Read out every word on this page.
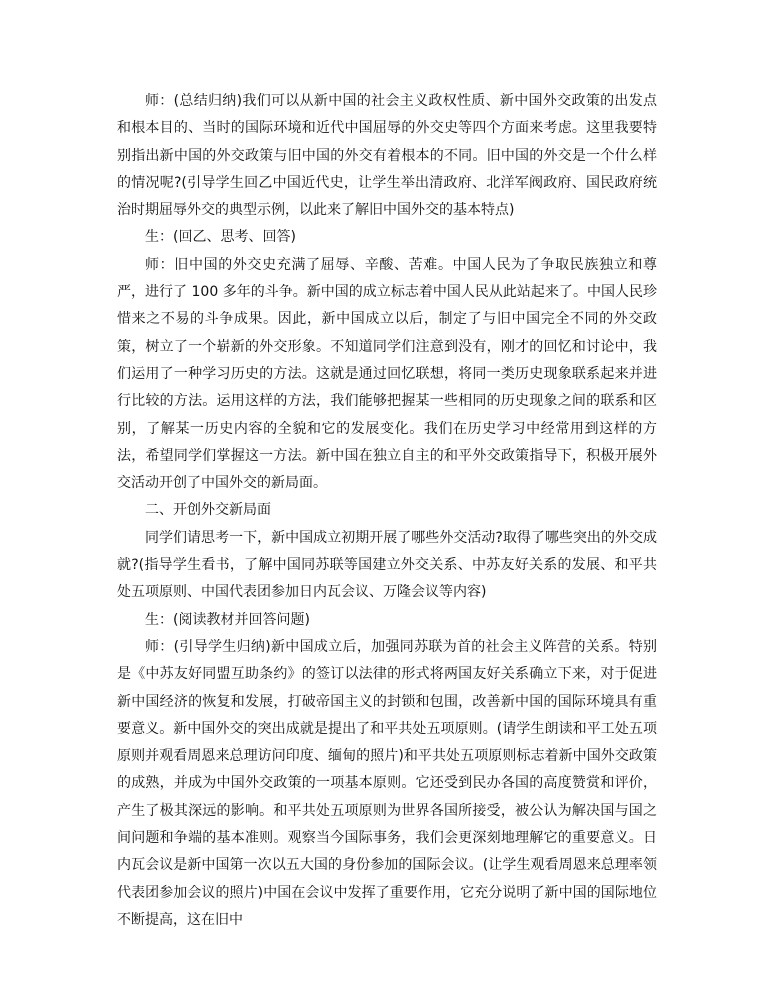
师：(总结归纳)我们可以从新中国的社会主义政权性质、新中国外交政策的出发点和根本目的、当时的国际环境和近代中国屈辱的外交史等四个方面来考虑。这里我要特别指出新中国的外交政策与旧中国的外交有着根本的不同。旧中国的外交是一个什么样的情况呢?(引导学生回乙中国近代史，让学生举出清政府、北洋军阀政府、国民政府统治时期屈辱外交的典型示例，以此来了解旧中国外交的基本特点)

生：(回乙、思考、回答)

师：旧中国的外交史充满了屈辱、辛酸、苦难。中国人民为了争取民族独立和尊严，进行了 100 多年的斗争。新中国的成立标志着中国人民从此站起来了。中国人民珍惜来之不易的斗争成果。因此，新中国成立以后，制定了与旧中国完全不同的外交政策，树立了一个崭新的外交形象。不知道同学们注意到没有，刚才的回忆和讨论中，我们运用了一种学习历史的方法。这就是通过回忆联想，将同一类历史现象联系起来并进行比较的方法。运用这样的方法，我们能够把握某一些相同的历史现象之间的联系和区别，了解某一历史内容的全貌和它的发展变化。我们在历史学习中经常用到这样的方法，希望同学们掌握这一方法。新中国在独立自主的和平外交政策指导下，积极开展外交活动开创了中国外交的新局面。

二、开创外交新局面

同学们请思考一下，新中国成立初期开展了哪些外交活动?取得了哪些突出的外交成就?(指导学生看书，了解中国同苏联等国建立外交关系、中苏友好关系的发展、和平共处五项原则、中国代表团参加日内瓦会议、万隆会议等内容)

生：(阅读教材并回答问题)

师：(引导学生归纳)新中国成立后，加强同苏联为首的社会主义阵营的关系。特别是《中苏友好同盟互助条约》的签订以法律的形式将两国友好关系确立下来，对于促进新中国经济的恢复和发展，打破帝国主义的封锁和包围，改善新中国的国际环境具有重要意义。新中国外交的突出成就是提出了和平共处五项原则。(请学生朗读和平工处五项原则并观看周恩来总理访问印度、缅甸的照片)和平共处五项原则标志着新中国外交政策的成熟，并成为中国外交政策的一项基本原则。它还受到民办各国的高度赞赏和评价，产生了极其深远的影响。和平共处五项原则为世界各国所接受，被公认为解决国与国之间问题和争端的基本准则。观察当今国际事务，我们会更深刻地理解它的重要意义。日内瓦会议是新中国第一次以五大国的身份参加的国际会议。(让学生观看周恩来总理率领代表团参加会议的照片)中国在会议中发挥了重要作用，它充分说明了新中国的国际地位不断提高，这在旧中
